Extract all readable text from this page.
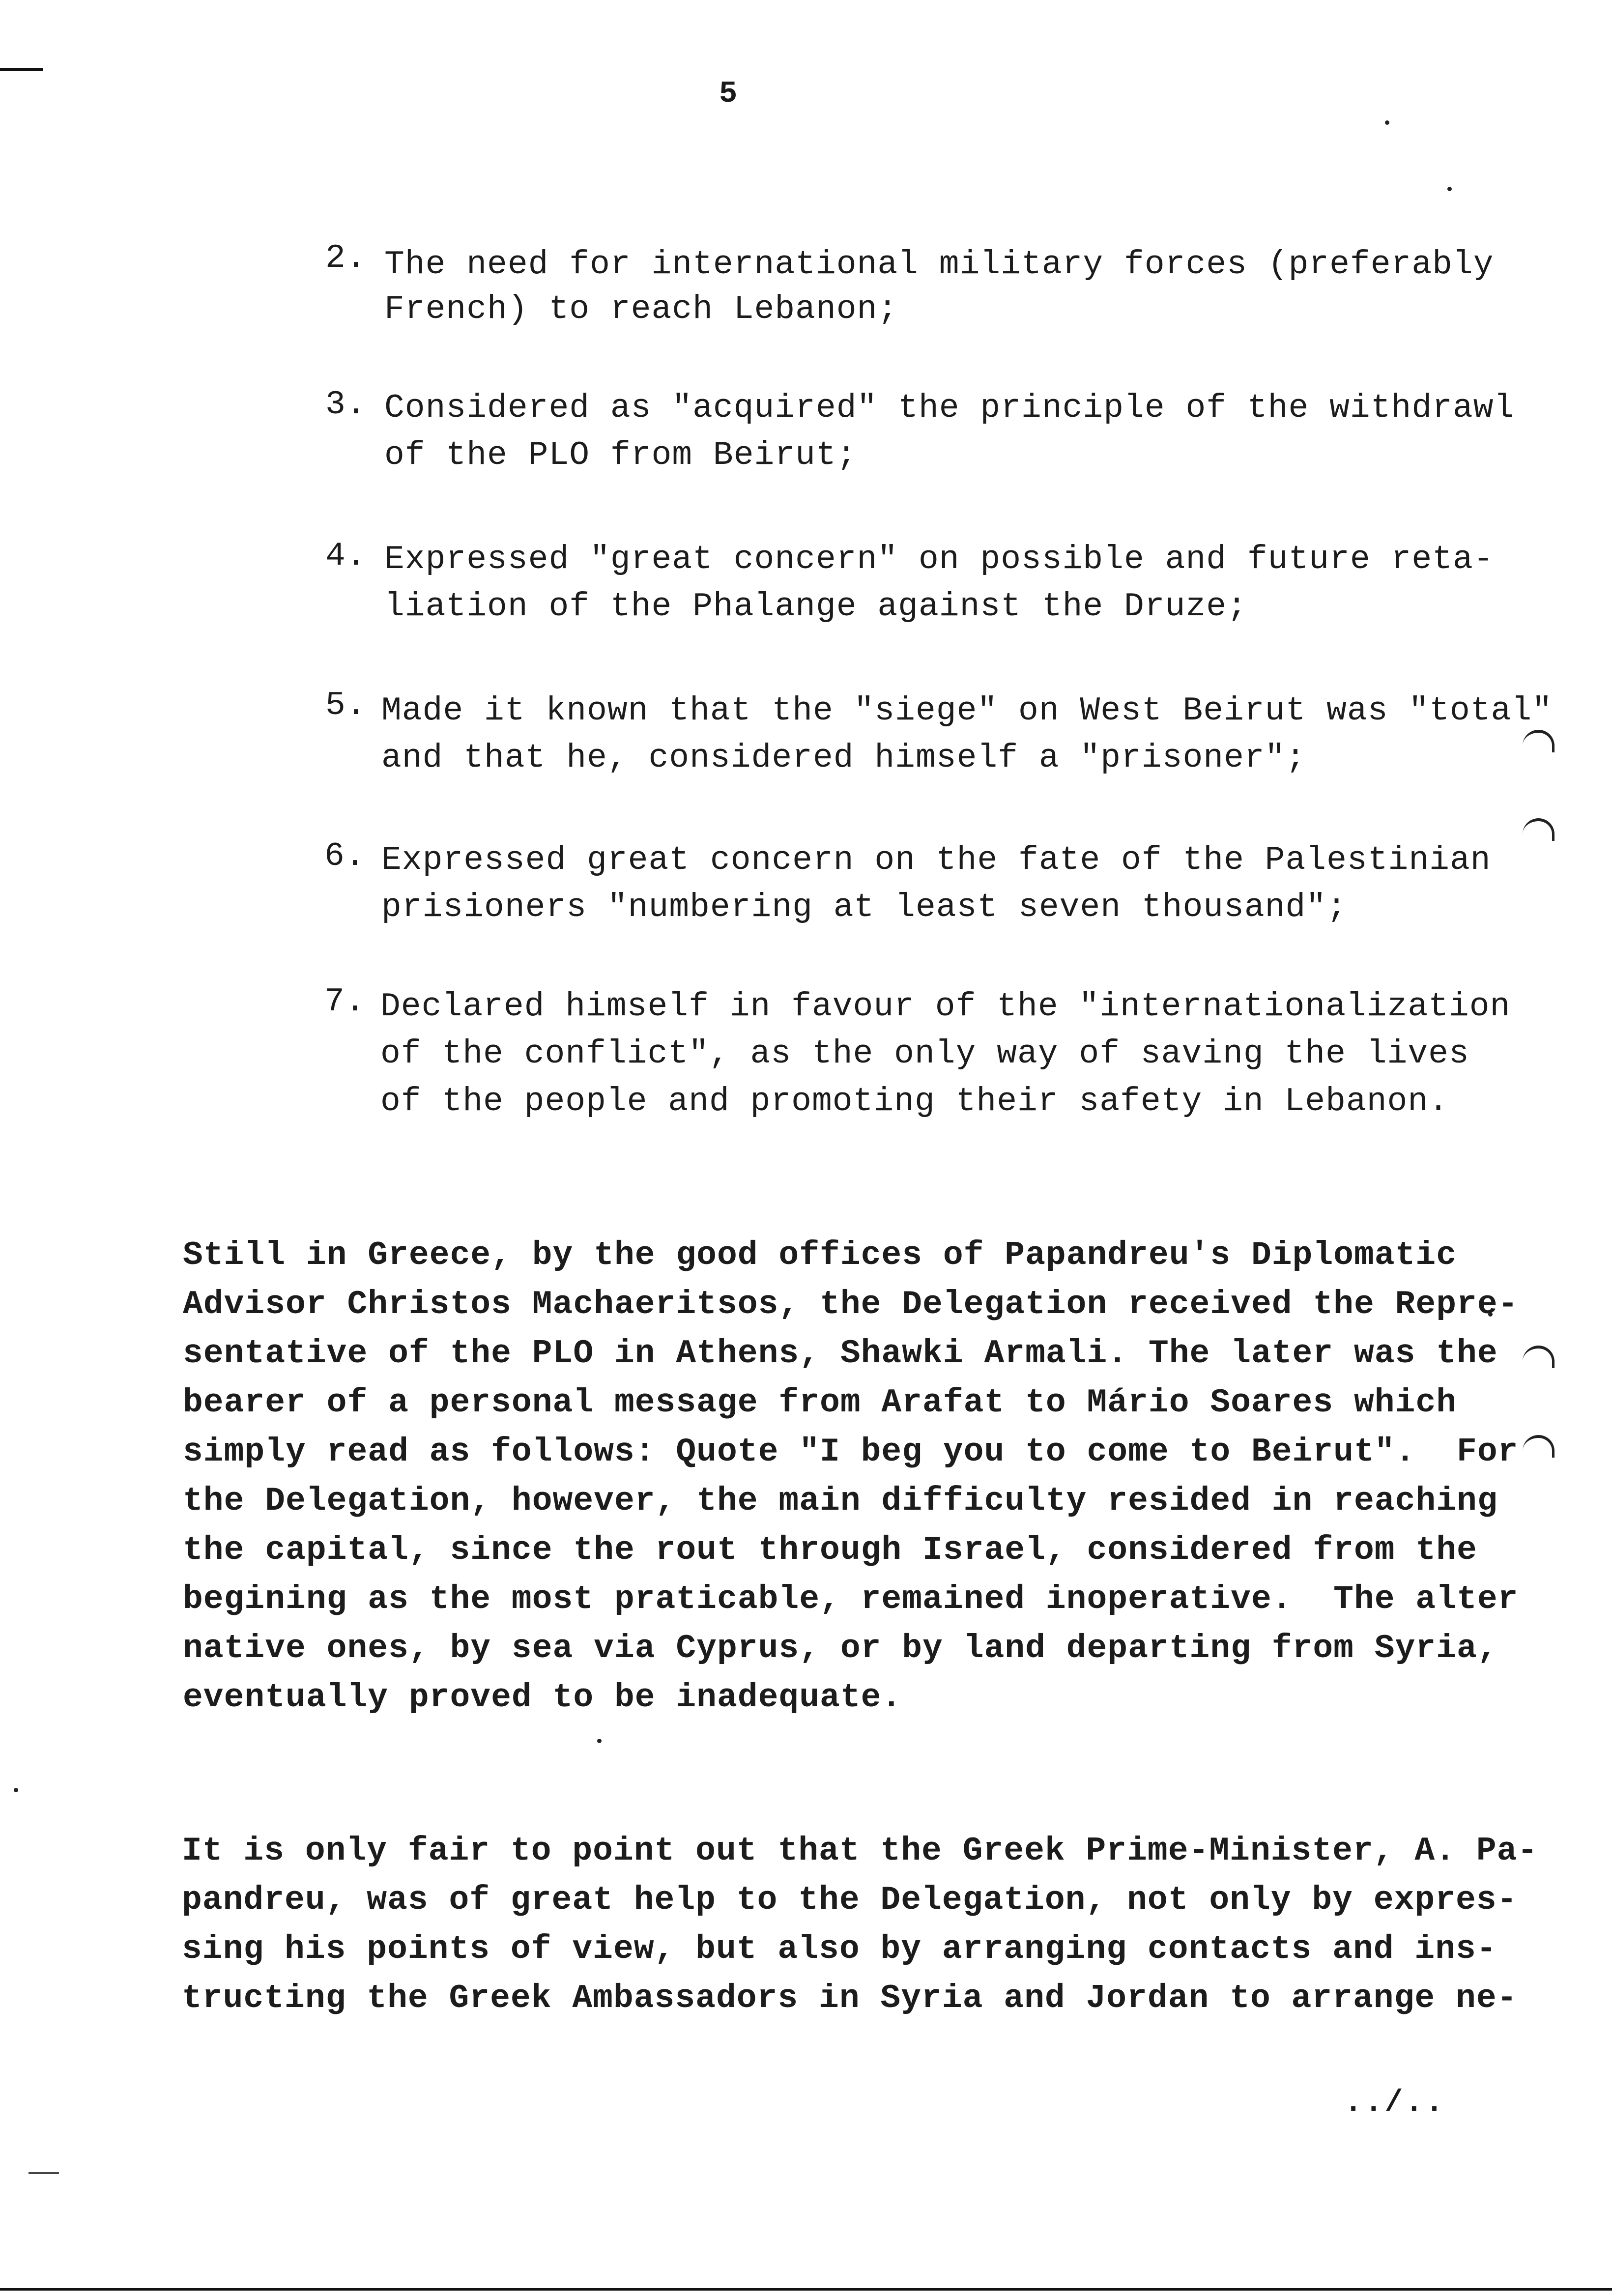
5
2. The need for international military forces (preferably
French) to reach Lebanon;
3. Considered as "acquired" the principle of the withdrawl
of the PLO from Beirut;
4. Expressed "great concern" on possible and future reta-
liation of the Phalange against the Druze;
5. Made it known that the "siege" on West Beirut was "total"
and that he, considered himself a "prisoner";
6. Expressed great concern on the fate of the Palestinian
prisioners "numbering at least seven thousand";
7. Declared himself in favour of the "internationalization
of the conflict", as the only way of saving the lives
of the people and promoting their safety in Lebanon.
Still in Greece, by the good offices of Papandreu's Diplomatic
Advisor Christos Machaeritsos, the Delegation received the Repre-
sentative of the PLO in Athens, Shawki Armali. The later was the
bearer of a personal message from Arafat to Mário Soares which
simply read as follows: Quote "I beg you to come to Beirut".  For
the Delegation, however, the main difficulty resided in reaching
the capital, since the rout through Israel, considered from the
begining as the most praticable, remained inoperative.  The alter
native ones, by sea via Cyprus, or by land departing from Syria,
eventually proved to be inadequate.
It is only fair to point out that the Greek Prime-Minister, A. Pa-
pandreu, was of great help to the Delegation, not only by expres-
sing his points of view, but also by arranging contacts and ins-
tructing the Greek Ambassadors in Syria and Jordan to arrange ne-
../..
